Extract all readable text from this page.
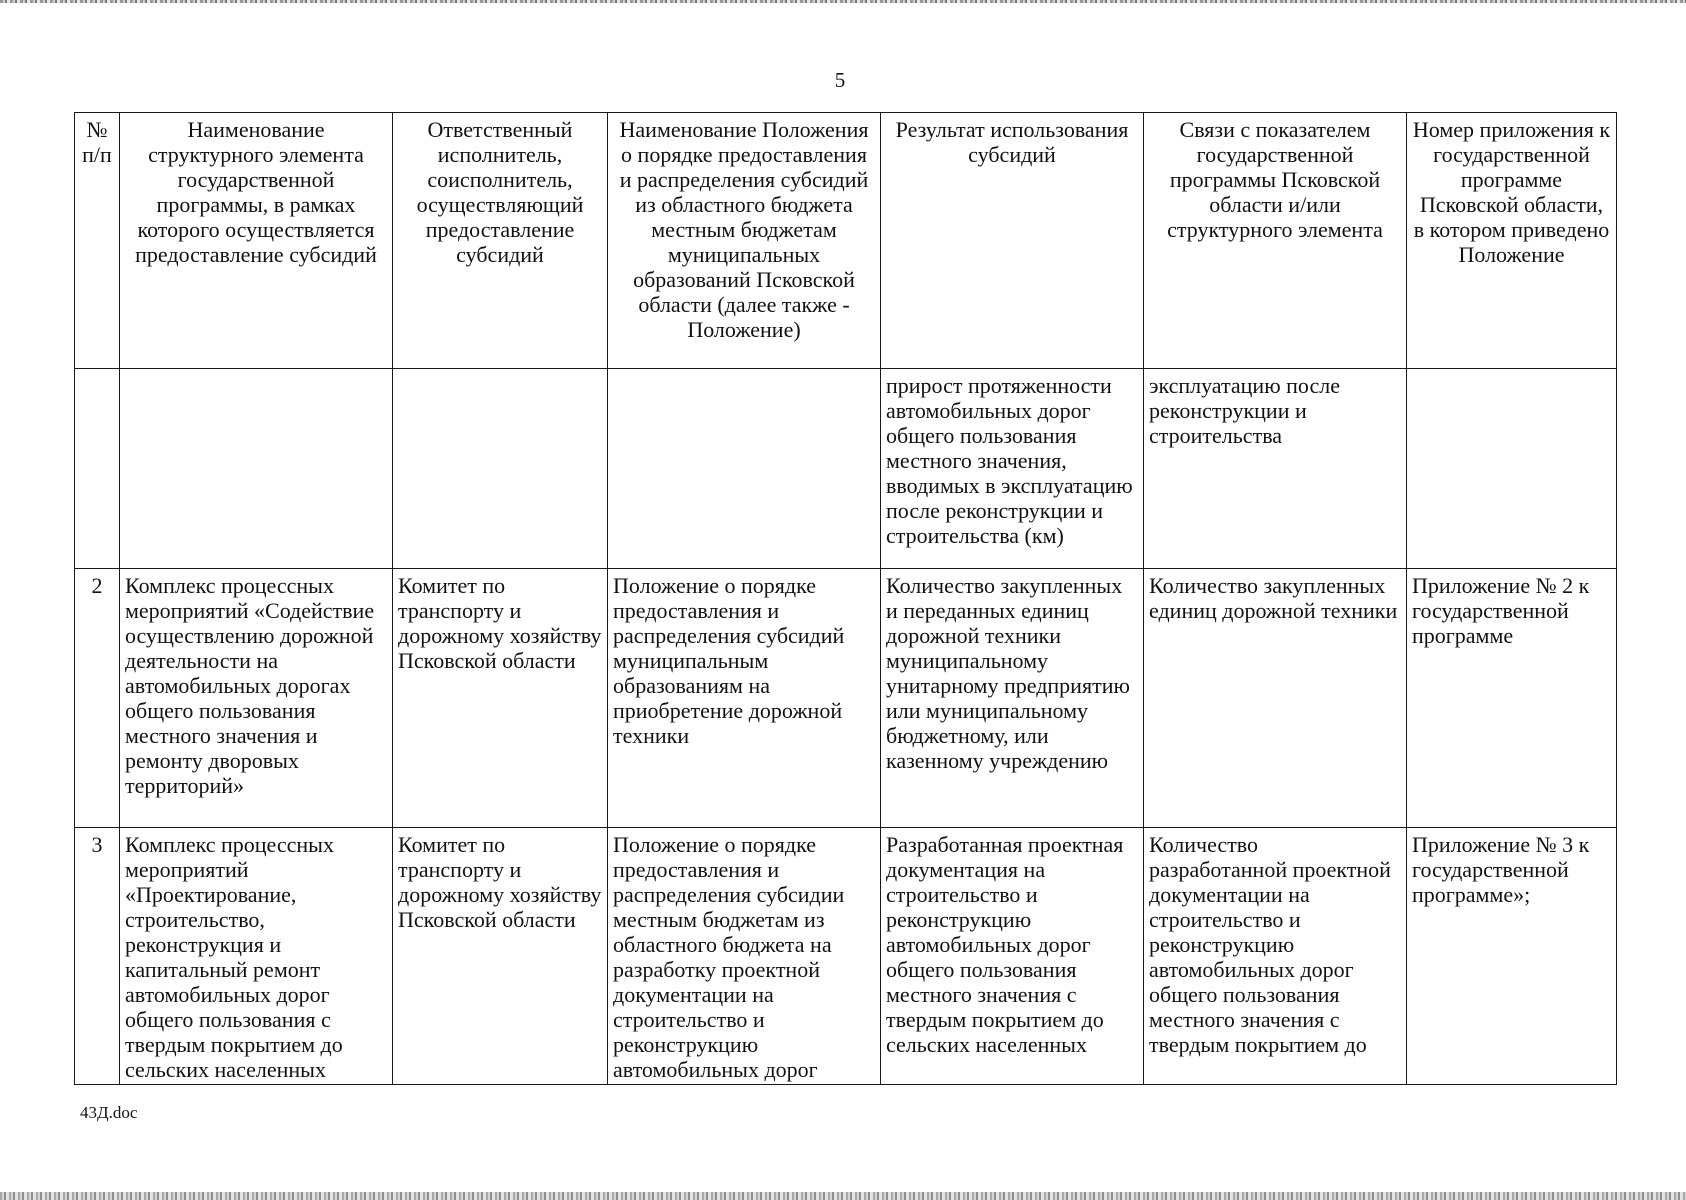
5
№ п/п	Наименование структурного элемента государственной программы, в рамках которого осуществляется предоставление субсидий	Ответственный исполнитель, соисполнитель, осуществляющий предоставление субсидий	Наименование Положения о порядке предоставления и распределения субсидий из областного бюджета местным бюджетам муниципальных образований Псковской области (далее также - Положение)	Результат использования субсидий	Связи с показателем государственной программы Псковской области и/или структурного элемента	Номер приложения к государственной программе Псковской области, в котором приведено Положение
				прирост протяженности автомобильных дорог общего пользования местного значения, вводимых в эксплуатацию после реконструкции и строительства (км)	эксплуатацию после реконструкции и строительства	
2	Комплекс процессных мероприятий «Содействие осуществлению дорожной деятельности на автомобильных дорогах общего пользования местного значения и ремонту дворовых территорий»	Комитет по транспорту и дорожному хозяйству Псковской области	Положение о порядке предоставления и распределения субсидий муниципальным образованиям на приобретение дорожной техники	Количество закупленных и переданных единиц дорожной техники муниципальному унитарному предприятию или муниципальному бюджетному, или казенному учреждению	Количество закупленных единиц дорожной техники	Приложение № 2 к государственной программе
3	Комплекс процессных мероприятий «Проектирование, строительство, реконструкция и капитальный ремонт автомобильных дорог общего пользования с твердым покрытием до сельских населенных	Комитет по транспорту и дорожному хозяйству Псковской области	Положение о порядке предоставления и распределения субсидии местным бюджетам из областного бюджета на разработку проектной документации на строительство и реконструкцию автомобильных дорог	Разработанная проектная документация на строительство и реконструкцию автомобильных дорог общего пользования местного значения с твердым покрытием до сельских населенных	Количество разработанной проектной документации на строительство и реконструкцию автомобильных дорог общего пользования местного значения с твердым покрытием до	Приложение № 3 к государственной программе»;
43Д.doc
